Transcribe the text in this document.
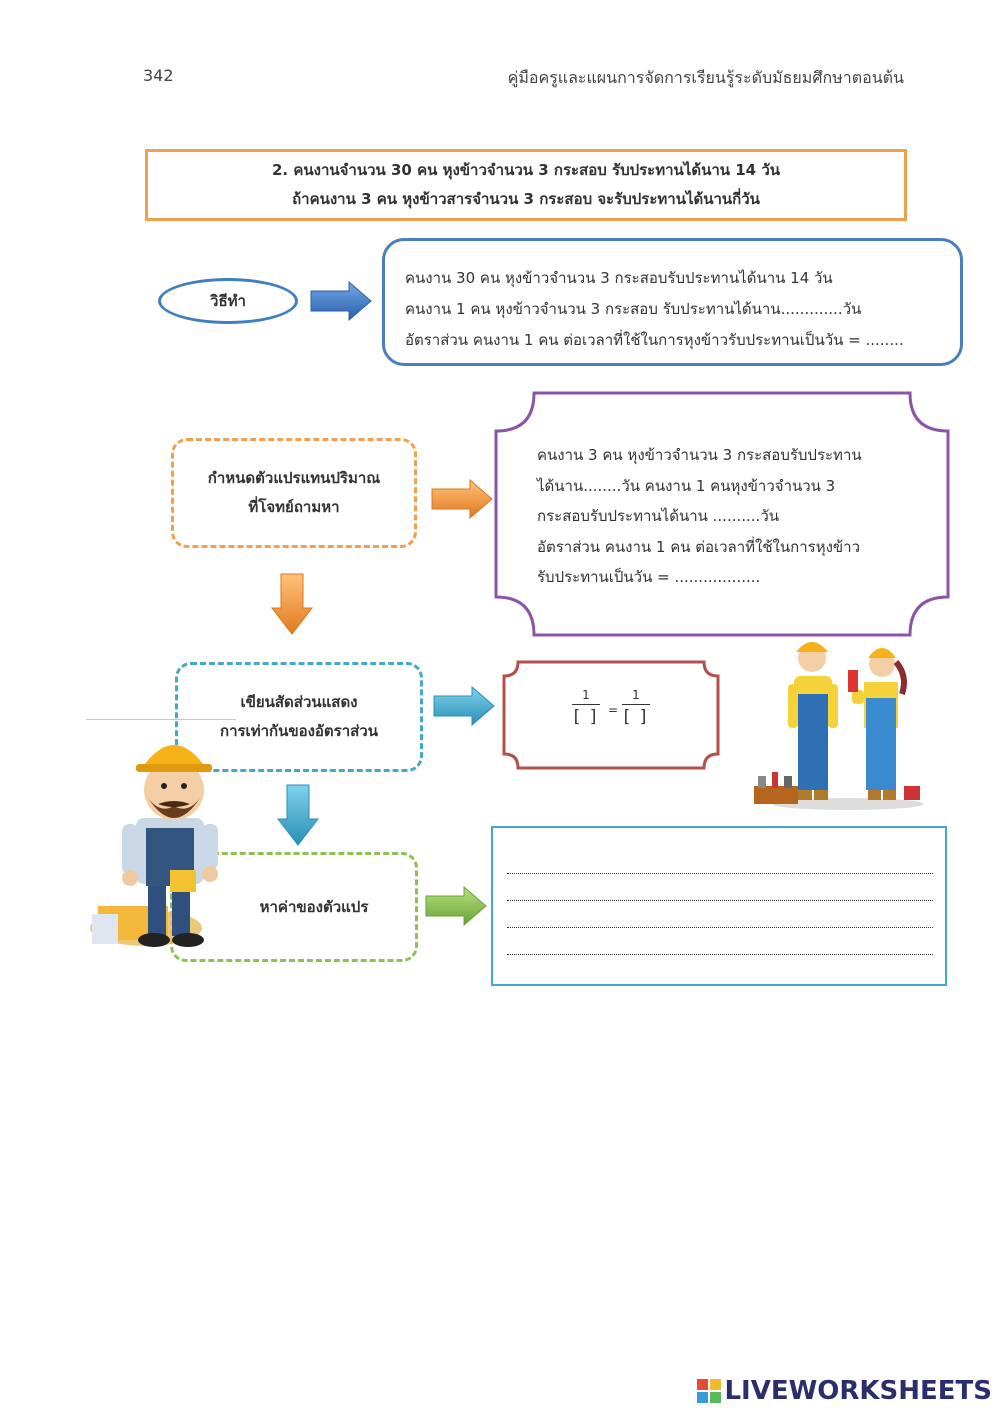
342	คู่มือครูและแผนการจัดการเรียนรู้ระดับมัธยมศึกษาตอนต้น
2. คนงานจำนวน 30 คน หุงข้าวจำนวน 3 กระสอบ รับประทานได้นาน 14 วัน
ถ้าคนงาน 3 คน หุงข้าวสารจำนวน 3 กระสอบ จะรับประทานได้นานกี่วัน
วิธีทำ
คนงาน 30 คน หุงข้าวจำนวน 3 กระสอบรับประทานได้นาน 14 วัน
คนงาน 1 คน หุงข้าวจำนวน 3 กระสอบ รับประทานได้นาน.............วัน
อัตราส่วน คนงาน 1 คน ต่อเวลาที่ใช้ในการหุงข้าวรับประทานเป็นวัน = ........
กำหนดตัวแปรแทนปริมาณ
ที่โจทย์ถามหา
คนงาน 3 คน หุงข้าวจำนวน 3 กระสอบรับประทาน
ได้นาน........วัน คนงาน 1 คนหุงข้าวจำนวน 3
กระสอบรับประทานได้นาน ..........วัน
อัตราส่วน คนงาน 1 คน ต่อเวลาที่ใช้ในการหุงข้าว
รับประทานเป็นวัน = ..................
เขียนสัดส่วนแสดง
การเท่ากันของอัตราส่วน
1
[ ] =
1
[ ]
หาค่าของตัวแปร
LIVEWORKSHEETS
